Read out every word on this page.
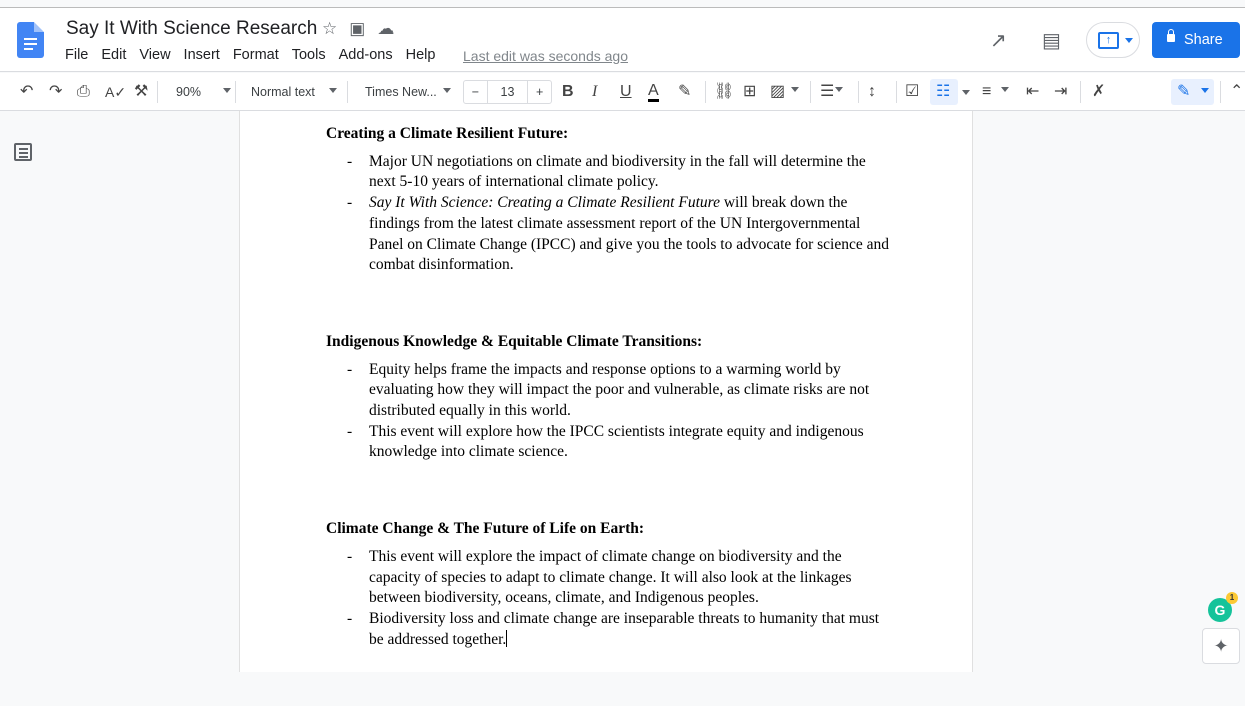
Say It With Science Research ☆ ▣ ☁
File Edit View Insert Format Tools Add-ons Help Last edit was seconds ago
↗ ▤	↑	Share
↶ ↷ ⎙ A✓ ⚒ 90%	Normal text	Times New...	B I U A ✎ ⛓ ⊞ ▨	☰	↕ ☑ ☷ ≡	⇤ ⇥ ✗	✎ ⌃
−	13	+
Creating a Climate Resilient Future:
- Major UN negotiations on climate and biodiversity in the fall will determine the next 5-10 years of international climate policy.
- Say It With Science: Creating a Climate Resilient Future will break down the findings from the latest climate assessment report of the UN Intergovernmental Panel on Climate Change (IPCC) and give you the tools to advocate for science and combat disinformation.
Indigenous Knowledge & Equitable Climate Transitions:
- Equity helps frame the impacts and response options to a warming world by evaluating how they will impact the poor and vulnerable, as climate risks are not distributed equally in this world.
- This event will explore how the IPCC scientists integrate equity and indigenous knowledge into climate science.
Climate Change & The Future of Life on Earth:
- This event will explore the impact of climate change on biodiversity and the capacity of species to adapt to climate change. It will also look at the linkages between biodiversity, oceans, climate, and Indigenous peoples.
- Biodiversity loss and climate change are inseparable threats to humanity that must be addressed together.
G
1
✦
